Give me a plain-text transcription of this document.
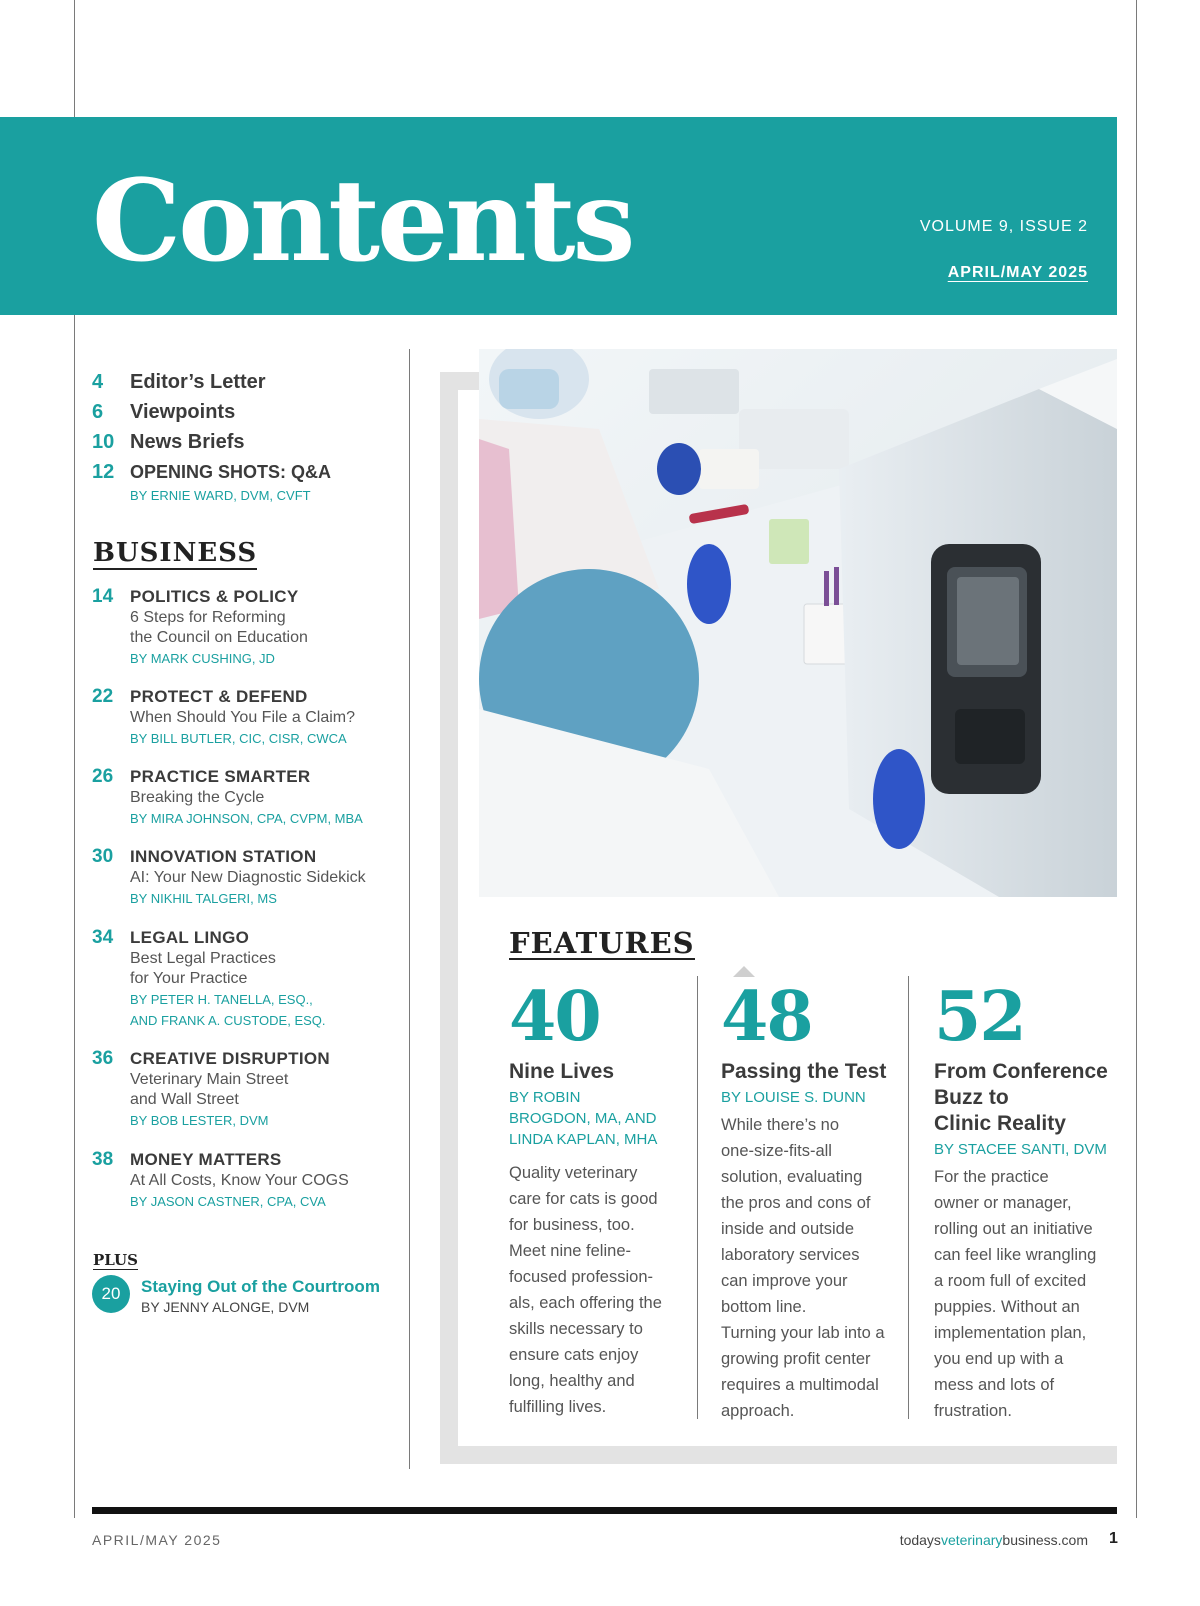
Contents	VOLUME 9, ISSUE 2
APRIL/MAY 2025
4	Editor’s Letter
6	Viewpoints
10 News Briefs
12 OPENING SHOTS: Q&A
BY ERNIE WARD, DVM, CVFT
BUSINESS
14 POLITICS & POLICY
6 Steps for Reforming
the Council on Education
BY MARK CUSHING, JD
22 PROTECT & DEFEND
When Should You File a Claim?
BY BILL BUTLER, CIC, CISR, CWCA
26 PRACTICE SMARTER
Breaking the Cycle
BY MIRA JOHNSON, CPA, CVPM, MBA
30 INNOVATION STATION
AI: Your New Diagnostic Sidekick
BY NIKHIL TALGERI, MS
34 LEGAL LINGO
Best Legal Practices
for Your Practice
BY PETER H. TANELLA, ESQ.,
AND FRANK A. CUSTODE, ESQ.
36 CREATIVE DISRUPTION
Veterinary Main Street
and Wall Street
BY BOB LESTER, DVM
38 MONEY MATTERS
At All Costs, Know Your COGS
BY JASON CASTNER, CPA, CVA
PLUS
20	Staying Out of the Courtroom
BY JENNY ALONGE, DVM
FEATURES
40
Nine Lives
BY ROBIN
BROGDON, MA, AND
LINDA KAPLAN, MHA
Quality veterinary
care for cats is good
for business, too.
Meet nine feline-
focused profession-
als, each offering the
skills necessary to
ensure cats enjoy
long, healthy and
fulfilling lives.
48
Passing the Test
BY LOUISE S. DUNN
While there’s no
one-size-fits-all
solution, evaluating
the pros and cons of
inside and outside
laboratory services
can improve your
bottom line.
Turning your lab into a
growing profit center
requires a multimodal
approach.
52
From Conference
Buzz to
Clinic Reality
BY STACEE SANTI, DVM
For the practice
owner or manager,
rolling out an initiative
can feel like wrangling
a room full of excited
puppies. Without an
implementation plan,
you end up with a
mess and lots of
frustration.
APRIL/MAY 2025	todaysveterinarybusiness.com 1
